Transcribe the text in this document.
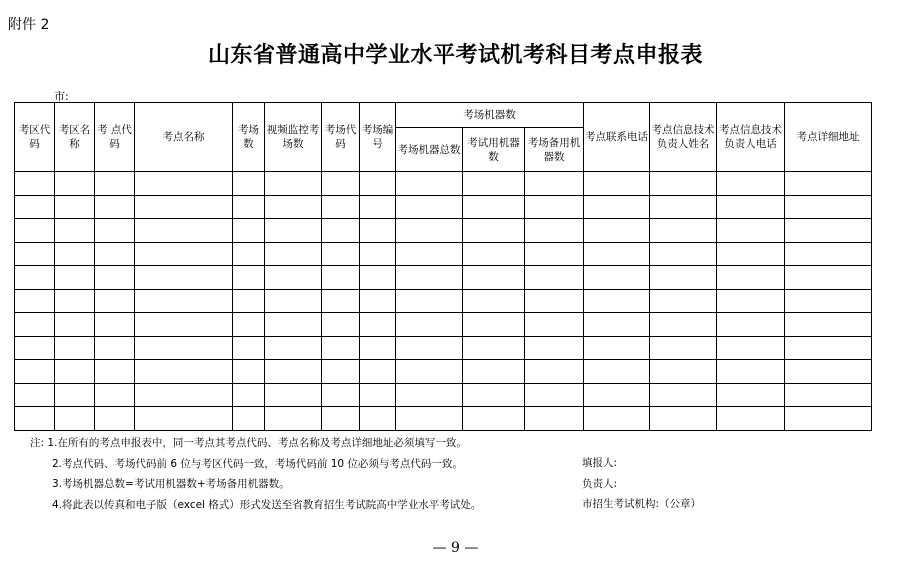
附件 2
山东省普通高中学业水平考试机考科目考点申报表
市:
考区代码	考区名称	考 点代 码	考点名称	考场数	视频监控考场数	考场代码	考场编号	考场机器数			考点联系电话	考点信息技术负责人姓名	考点信息技术负责人电话	考点详细地址
								考场机器总数	考试用机器数	考场备用机器数				

注: 1.在所有的考点申报表中，同一考点其考点代码、考点名称及考点详细地址必须填写一致。
2.考点代码、考场代码前 6 位与考区代码一致，考场代码前 10 位必须与考点代码一致。
3.考场机器总数=考试用机器数+考场备用机器数。
4.将此表以传真和电子版（excel 格式）形式发送至省教育招生考试院高中学业水平考试处。
填报人:
负责人:
市招生考试机构:（公章）
— 9 —
